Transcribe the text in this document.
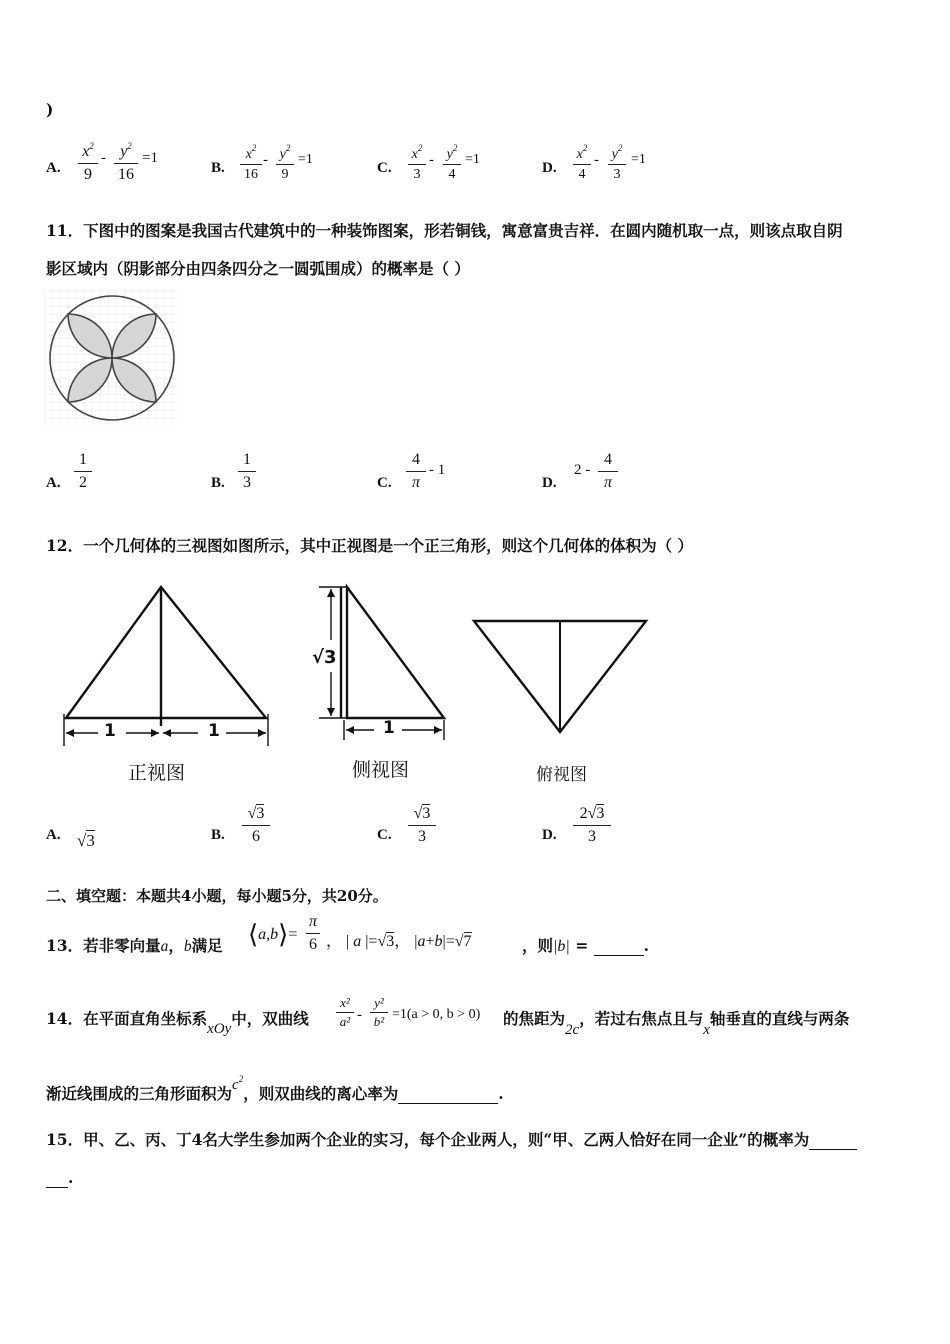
)
A.
$x^2$
9
- $y^2$
16
=1
B.
$x^2$
16
- $y^2$
9
=1
C.
$x^2$
3
- $y^2$
4
=1
D.
$x^2$
4
- $y^2$
3
=1
11．下图中的图案是我国古代建筑中的一种装饰图案，形若铜钱，寓意富贵吉祥．在圆内随机取一点，则该点取自阴
影区域内（阴影部分由四条四分之一圆弧围成）的概率是（ ）
A.
1
2	B.
1
3	C.
4
π
- 1
D.
2 -
4
π
12．一个几何体的三视图如图所示，其中正视图是一个正三角形，则这个几何体的体积为（ ）
1	1
正视图
√3
1
侧视图	俯视图
A. √3	B.
√3
6	C.
√3
3	D.
2√3
3
二、填空题：本题共4小题，每小题5分，共20分。
13．若非零向量a，b满足 ⟨a,b⟩=
π
6 ， | a |=√3， |a+b|=√7	，则|b| =	.
14．在平面直角坐标系xOy中，双曲线
x²
a² -
y²
b² =1(a > 0, b > 0) 的焦距为2c，若过右焦点且与x轴垂直的直线与两条
渐近线围成的三角形面积为$c^2$，则双曲线的离心率为	.
15．甲、乙、丙、丁4名大学生参加两个企业的实习，每个企业两人，则“甲、乙两人恰好在同一企业”的概率为
.
